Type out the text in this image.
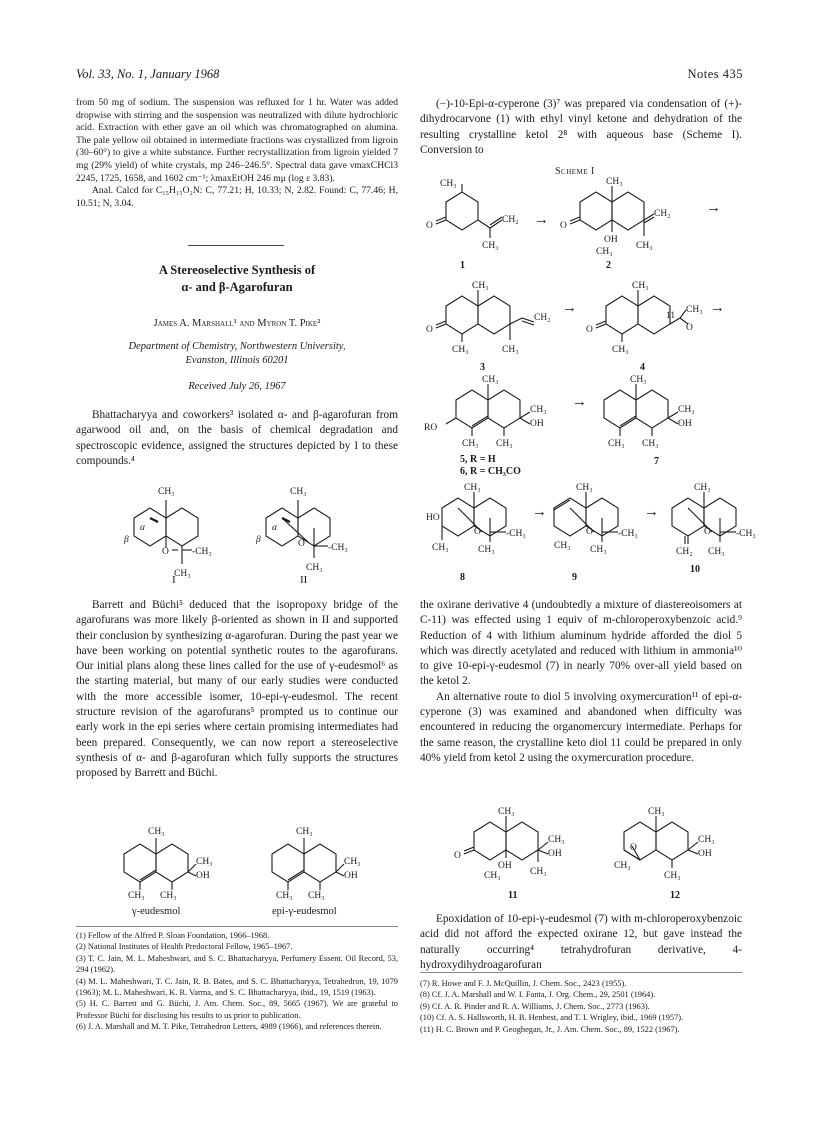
Vol. 33, No. 1, January 1968	Notes 435

from 50 mg of sodium. The suspension was refluxed for 1 hr. Water was added dropwise with stirring and the suspension was neutralized with dilute hydrochloric acid. Extraction with ether gave an oil which was chromatographed on alumina. The pale yellow oil obtained in intermediate fractions was crystallized from ligroin (30–60°) to give a white substance. Further recrystallization from ligroin yielded 7 mg (29% yield) of white crystals, mp 246–246.5°. Spectral data gave νmaxCHCl3 2245, 1725, 1658, and 1602 cm⁻¹; λmaxEtOH 246 mμ (log ε 3.83).

Anal. Calcd for C₁₅H₁₅O₂N: C, 77.21; H, 10.33; N, 2.82. Found: C, 77.46; H, 10.51; N, 3.04.

A Stereoselective Synthesis of
α- and β-Agarofuran
James A. Marshall¹ and Myron T. Pike²
Department of Chemistry, Northwestern University,
Evanston, Illinois 60201
Received July 26, 1967

Bhattacharyya and coworkers³ isolated α- and β-agarofuran from agarwood oil and, on the basis of chemical degradation and spectroscopic evidence, assigned the structures depicted by I to these compounds.⁴

CH₃
α
β
O -CH₃
CH₃
I
CH₃
α
β	O -CH₃
CH₃
II

Barrett and Büchi⁵ deduced that the isopropoxy bridge of the agarofurans was more likely β-oriented as shown in II and supported their conclusion by synthesizing α-agarofuran. During the past year we have been working on potential synthetic routes to the agarofurans. Our initial plans along these lines called for the use of γ-eudesmol⁶ as the starting material, but many of our early studies were conducted with the more accessible isomer, 10-epi-γ-eudesmol. The recent structure revision of the agarofurans⁵ prompted us to continue our early work in the epi series where certain promising intermediates had been prepared. Consequently, we can now report a stereoselective synthesis of α- and β-agarofuran which fully supports the structures proposed by Barrett and Büchi.

CH₃
CH₃
OH
CH₃ CH₃
γ-eudesmol
CH₃
CH₃
OH
CH₃ CH₃
epi-γ-eudesmol

(1) Fellow of the Alfred P. Sloan Foundation, 1966–1968.

(2) National Institutes of Health Predoctoral Fellow, 1965–1967.

(3) T. C. Jain, M. L. Maheshwari, and S. C. Bhattacharyya, Perfumery Essent. Oil Record, 53, 294 (1962).

(4) M. L. Maheshwari, T. C. Jain, R. B. Bates, and S. C. Bhattacharyya, Tetrahedron, 19, 1079 (1963); M. L. Maheshwari, K. R. Varma, and S. C. Bhattacharyya, ibid., 19, 1519 (1963).

(5) H. C. Barrett and G. Büchi, J. Am. Chem. Soc., 89, 5665 (1967). We are grateful to Professor Büchi for disclosing his results to us prior to publication.

(6) J. A. Marshall and M. T. Pike, Tetrahedron Letters, 4989 (1966), and references therein.

(−)-10-Epi-α-cyperone (3)⁷ was prepared via condensation of (+)-dihydrocarvone (1) with ethyl vinyl ketone and dehydration of the resulting crystalline ketol 2⁸ with aqueous base (Scheme I). Conversion to

Scheme I
CH₃
O
CH₂
CH₃
1
→
CH₃
O
CH₂
OH
CH₃
CH₃
2
→
CH₃
O
CH₂
CH₃	CH₃
3
→
CH₃
O
11
CH₃
O
CH₃
4
→
CH₃
RO
CH₃
OH
CH₃ CH₃
5, R = H
6, R = CH₃CO
→
CH₃
CH₃
OH
CH₃ CH₃
7
CH₃
HO
O	-CH₃
CH₃	CH₃
8
→
CH₃
O	-CH₃
CH₃ CH₃
9
→
CH₃
O	-CH₃
CH₂ CH₃
10

the oxirane derivative 4 (undoubtedly a mixture of diastereoisomers at C-11) was effected using 1 equiv of m-chloroperoxybenzoic acid.⁹ Reduction of 4 with lithium aluminum hydride afforded the diol 5 which was directly acetylated and reduced with lithium in ammonia¹⁰ to give 10-epi-γ-eudesmol (7) in nearly 70% over-all yield based on the ketol 2.

An alternative route to diol 5 involving oxymercuration¹¹ of epi-α-cyperone (3) was examined and abandoned when difficulty was encountered in reducing the organomercury intermediate. Perhaps for the same reason, the crystalline keto diol 11 could be prepared in only 40% yield from ketol 2 using the oxymercuration procedure.

CH₃
O
CH₃
OH
OH
CH₃	CH₃
11
CH₃
O
CH₃
OH
CH₃
CH₃
12

Epoxidation of 10-epi-γ-eudesmol (7) with m-chloroperoxybenzoic acid did not afford the expected oxirane 12, but gave instead the naturally occurring⁴ tetrahydrofuran derivative, 4-hydroxydihydroagarofuran

(7) R. Howe and F. J. McQuillin, J. Chem. Soc., 2423 (1955).

(8) Cf. J. A. Marshall and W. I. Fanta, J. Org. Chem., 29, 2501 (1964).

(9) Cf. A. R. Pinder and R. A. Williams, J. Chem. Soc., 2773 (1963).

(10) Cf. A. S. Hallsworth, H. B. Henbest, and T. I. Wrigley, ibid., 1969 (1957).

(11) H. C. Brown and P. Geoghegan, Jr., J. Am. Chem. Soc., 89, 1522 (1967).
